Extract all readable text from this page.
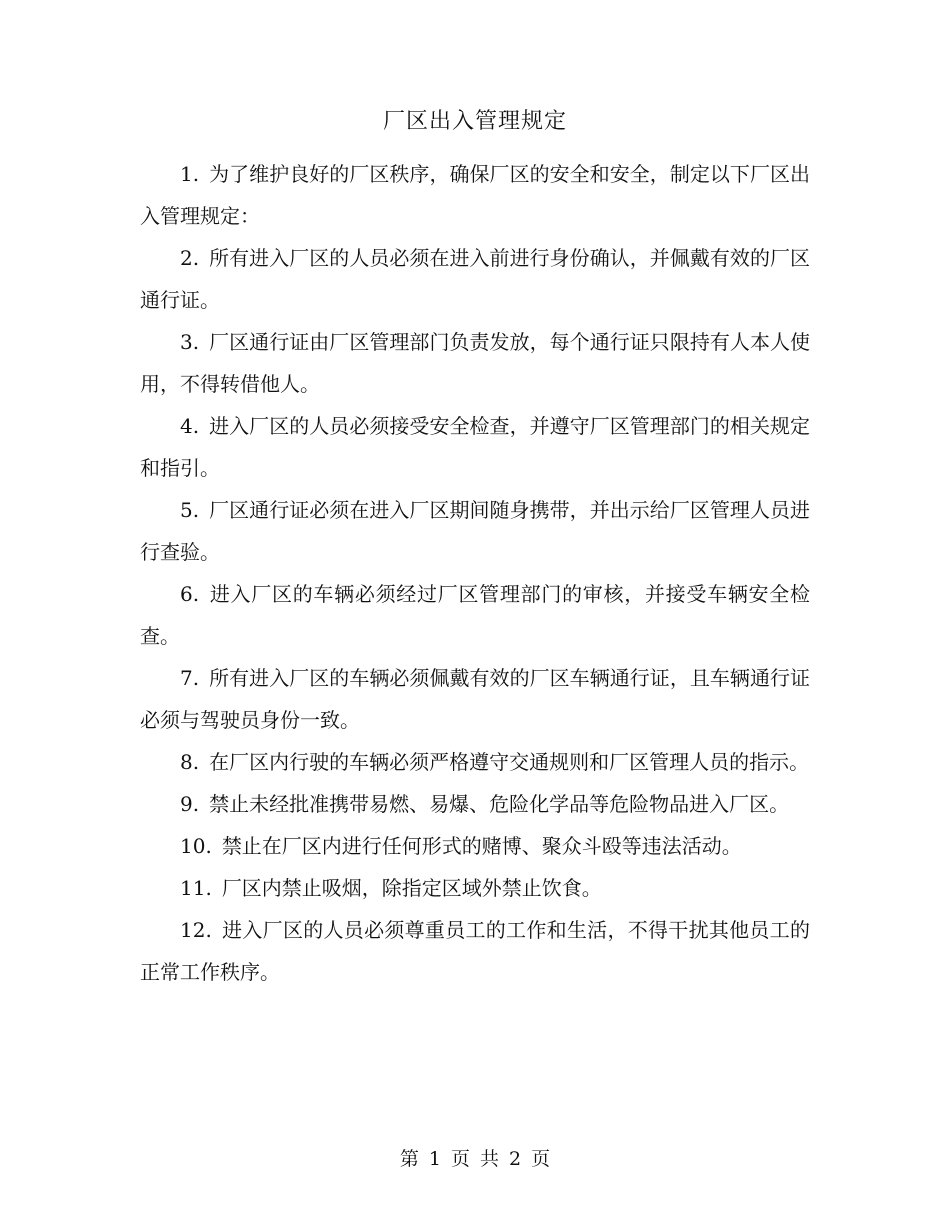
厂区出入管理规定

1. 为了维护良好的厂区秩序，确保厂区的安全和安全，制定以下厂区出入管理规定：

2. 所有进入厂区的人员必须在进入前进行身份确认，并佩戴有效的厂区通行证。

3. 厂区通行证由厂区管理部门负责发放，每个通行证只限持有人本人使用，不得转借他人。

4. 进入厂区的人员必须接受安全检查，并遵守厂区管理部门的相关规定和指引。

5. 厂区通行证必须在进入厂区期间随身携带，并出示给厂区管理人员进行查验。

6. 进入厂区的车辆必须经过厂区管理部门的审核，并接受车辆安全检查。

7. 所有进入厂区的车辆必须佩戴有效的厂区车辆通行证，且车辆通行证必须与驾驶员身份一致。

8. 在厂区内行驶的车辆必须严格遵守交通规则和厂区管理人员的指示。

9. 禁止未经批准携带易燃、易爆、危险化学品等危险物品进入厂区。

10. 禁止在厂区内进行任何形式的赌博、聚众斗殴等违法活动。

11. 厂区内禁止吸烟，除指定区域外禁止饮食。

12. 进入厂区的人员必须尊重员工的工作和生活，不得干扰其他员工的正常工作秩序。

第 1 页 共 2 页
